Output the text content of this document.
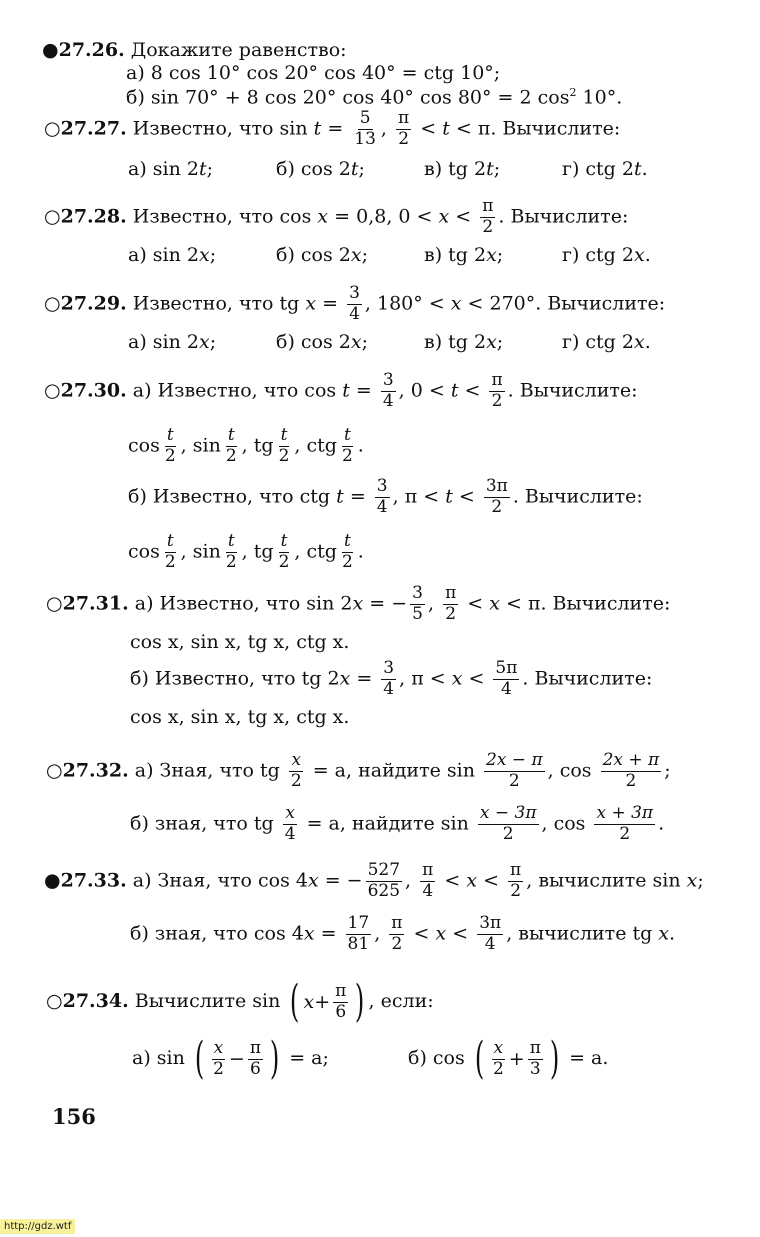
●27.26. Докажите равенство:
а) 8 cos 10° cos 20° cos 40° = ctg 10°;
б) sin 70° + 8 cos 20° cos 40° cos 80° = 2 $\cos^2 10^\circ$.
○27.27. Известно, что $\sin t = \frac{5}{13}$ , $\frac{\pi}{2} < t < \pi$. Вычислите:
а) sin 2t;	б) cos 2t;	в) tg 2t;	г) ctg 2t.
○27.28. Известно, что cos x = 0,8, $0 < x < \frac{\pi}{2}$ . Вычислите:
а) sin 2x;	б) cos 2x;	в) tg 2x;	г) ctg 2x.
○27.29. Известно, что tg $x = \frac{3}{4}$ , 180° < x < 270°. Вычислите:
а) sin 2x;	б) cos 2x;	в) tg 2x;	г) ctg 2x.
○27.30. а) Известно, что $\cos t = \frac{3}{4}$ , $0 < t < \frac{\pi}{2}$ . Вычислите:
$\cos \frac{t}{2}$ , $\sin \frac{t}{2}$ , tg $\frac{t}{2}$ , ctg $\frac{t}{2}$ .
б) Известно, что ctg $t = \frac{3}{4}$ , $\pi < t < \frac{3\pi}{2}$ . Вычислите:
$\cos \frac{t}{2}$ , $\sin \frac{t}{2}$ , tg $\frac{t}{2}$ , ctg $\frac{t}{2}$ .
○27.31. а) Известно, что sin 2x = − $\frac{3}{5}$ , $\frac{\pi}{2} < x < \pi$. Вычислите:
cos x, sin x, tg x, ctg x.
б) Известно, что tg $2x = \frac{3}{4}$ , $\pi < x < \frac{5\pi}{4}$ . Вычислите:
cos x, sin x, tg x, ctg x.
○27.32. а) Зная, что tg $\frac{x}{2} = a$, найдите $\sin \frac{2x - \pi}{2}$ , $\cos \frac{2x + \pi}{2}$ ;
б) зная, что tg $\frac{x}{4} = a$, найдите $\sin \frac{x - 3\pi}{2}$ , $\cos \frac{x + 3\pi}{2}$ .
●27.33. а) Зная, что cos 4x = − $\frac{527}{625}$ , $\frac{\pi}{4} < x < \frac{\pi}{2}$ , вычислите sin x;
б) зная, что $\cos 4x = \frac{17}{81}$ , $\frac{\pi}{2} < x < \frac{3\pi}{4}$ , вычислите tg x.
○27.34. Вычислите sin ( $x + \frac{\pi}{6}$ ) , если:
а) sin ( $\frac{x}{2} - \frac{\pi}{6}$ ) = a;	б) cos ( $\frac{x}{2} + \frac{\pi}{3}$ ) = a.
156
http://gdz.wtf
